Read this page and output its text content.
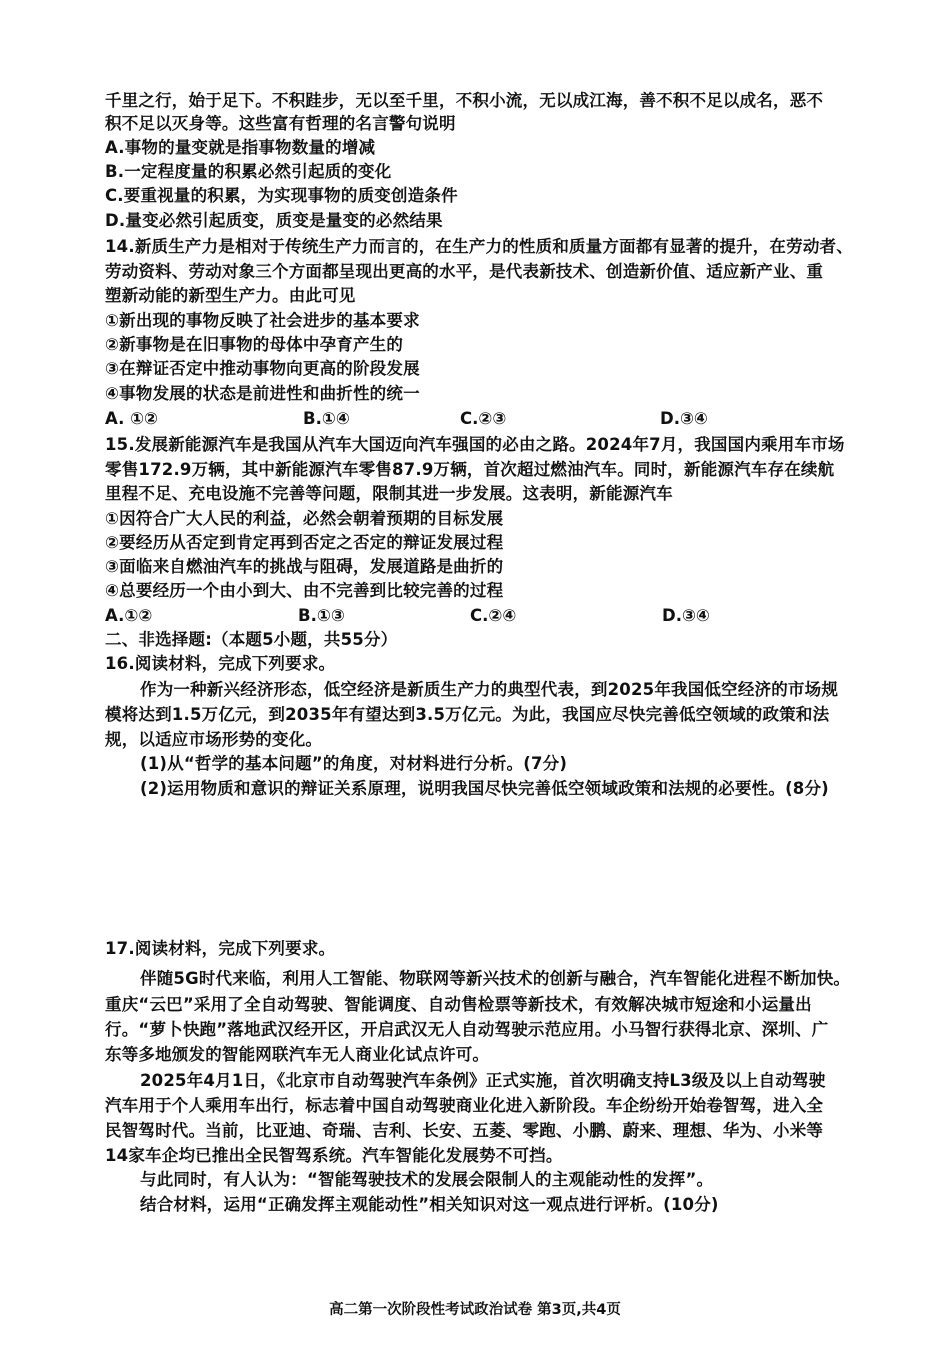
千里之行，始于足下。不积跬步，无以至千里，不积小流，无以成江海，善不积不足以成名，恶不
积不足以灭身等。这些富有哲理的名言警句说明
A.事物的量变就是指事物数量的增减
B.一定程度量的积累必然引起质的变化
C.要重视量的积累，为实现事物的质变创造条件
D.量变必然引起质变，质变是量变的必然结果
14.新质生产力是相对于传统生产力而言的，在生产力的性质和质量方面都有显著的提升，在劳动者、
劳动资料、劳动对象三个方面都呈现出更高的水平，是代表新技术、创造新价值、适应新产业、重
塑新动能的新型生产力。由此可见
①新出现的事物反映了社会进步的基本要求
②新事物是在旧事物的母体中孕育产生的
③在辩证否定中推动事物向更高的阶段发展
④事物发展的状态是前进性和曲折性的统一
A. ①②	B.①④	C.②③	D.③④
15.发展新能源汽车是我国从汽车大国迈向汽车强国的必由之路。2024年7月，我国国内乘用车市场
零售172.9万辆，其中新能源汽车零售87.9万辆，首次超过燃油汽车。同时，新能源汽车存在续航
里程不足、充电设施不完善等问题，限制其进一步发展。这表明，新能源汽车
①因符合广大人民的利益，必然会朝着预期的目标发展
②要经历从否定到肯定再到否定之否定的辩证发展过程
③面临来自燃油汽车的挑战与阻碍，发展道路是曲折的
④总要经历一个由小到大、由不完善到比较完善的过程
A.①②	B.①③	C.②④	D.③④
二、非选择题:（本题5小题，共55分）
16.阅读材料，完成下列要求。
作为一种新兴经济形态，低空经济是新质生产力的典型代表，到2025年我国低空经济的市场规
模将达到1.5万亿元，到2035年有望达到3.5万亿元。为此，我国应尽快完善低空领域的政策和法
规，以适应市场形势的变化。
(1)从“哲学的基本问题”的角度，对材料进行分析。(7分)
(2)运用物质和意识的辩证关系原理，说明我国尽快完善低空领域政策和法规的必要性。(8分)
17.阅读材料，完成下列要求。
伴随5G时代来临，利用人工智能、物联网等新兴技术的创新与融合，汽车智能化进程不断加快。
重庆“云巴”采用了全自动驾驶、智能调度、自动售检票等新技术，有效解决城市短途和小运量出
行。“萝卜快跑”落地武汉经开区，开启武汉无人自动驾驶示范应用。小马智行获得北京、深圳、广
东等多地颁发的智能网联汽车无人商业化试点许可。
2025年4月1日，《北京市自动驾驶汽车条例》正式实施，首次明确支持L3级及以上自动驾驶
汽车用于个人乘用车出行，标志着中国自动驾驶商业化进入新阶段。车企纷纷开始卷智驾，进入全
民智驾时代。当前，比亚迪、奇瑞、吉利、长安、五菱、零跑、小鹏、蔚来、理想、华为、小米等
14家车企均已推出全民智驾系统。汽车智能化发展势不可挡。
与此同时，有人认为：“智能驾驶技术的发展会限制人的主观能动性的发挥”。
结合材料，运用“正确发挥主观能动性”相关知识对这一观点进行评析。(10分)
高二第一次阶段性考试政治试卷 第3页,共4页
